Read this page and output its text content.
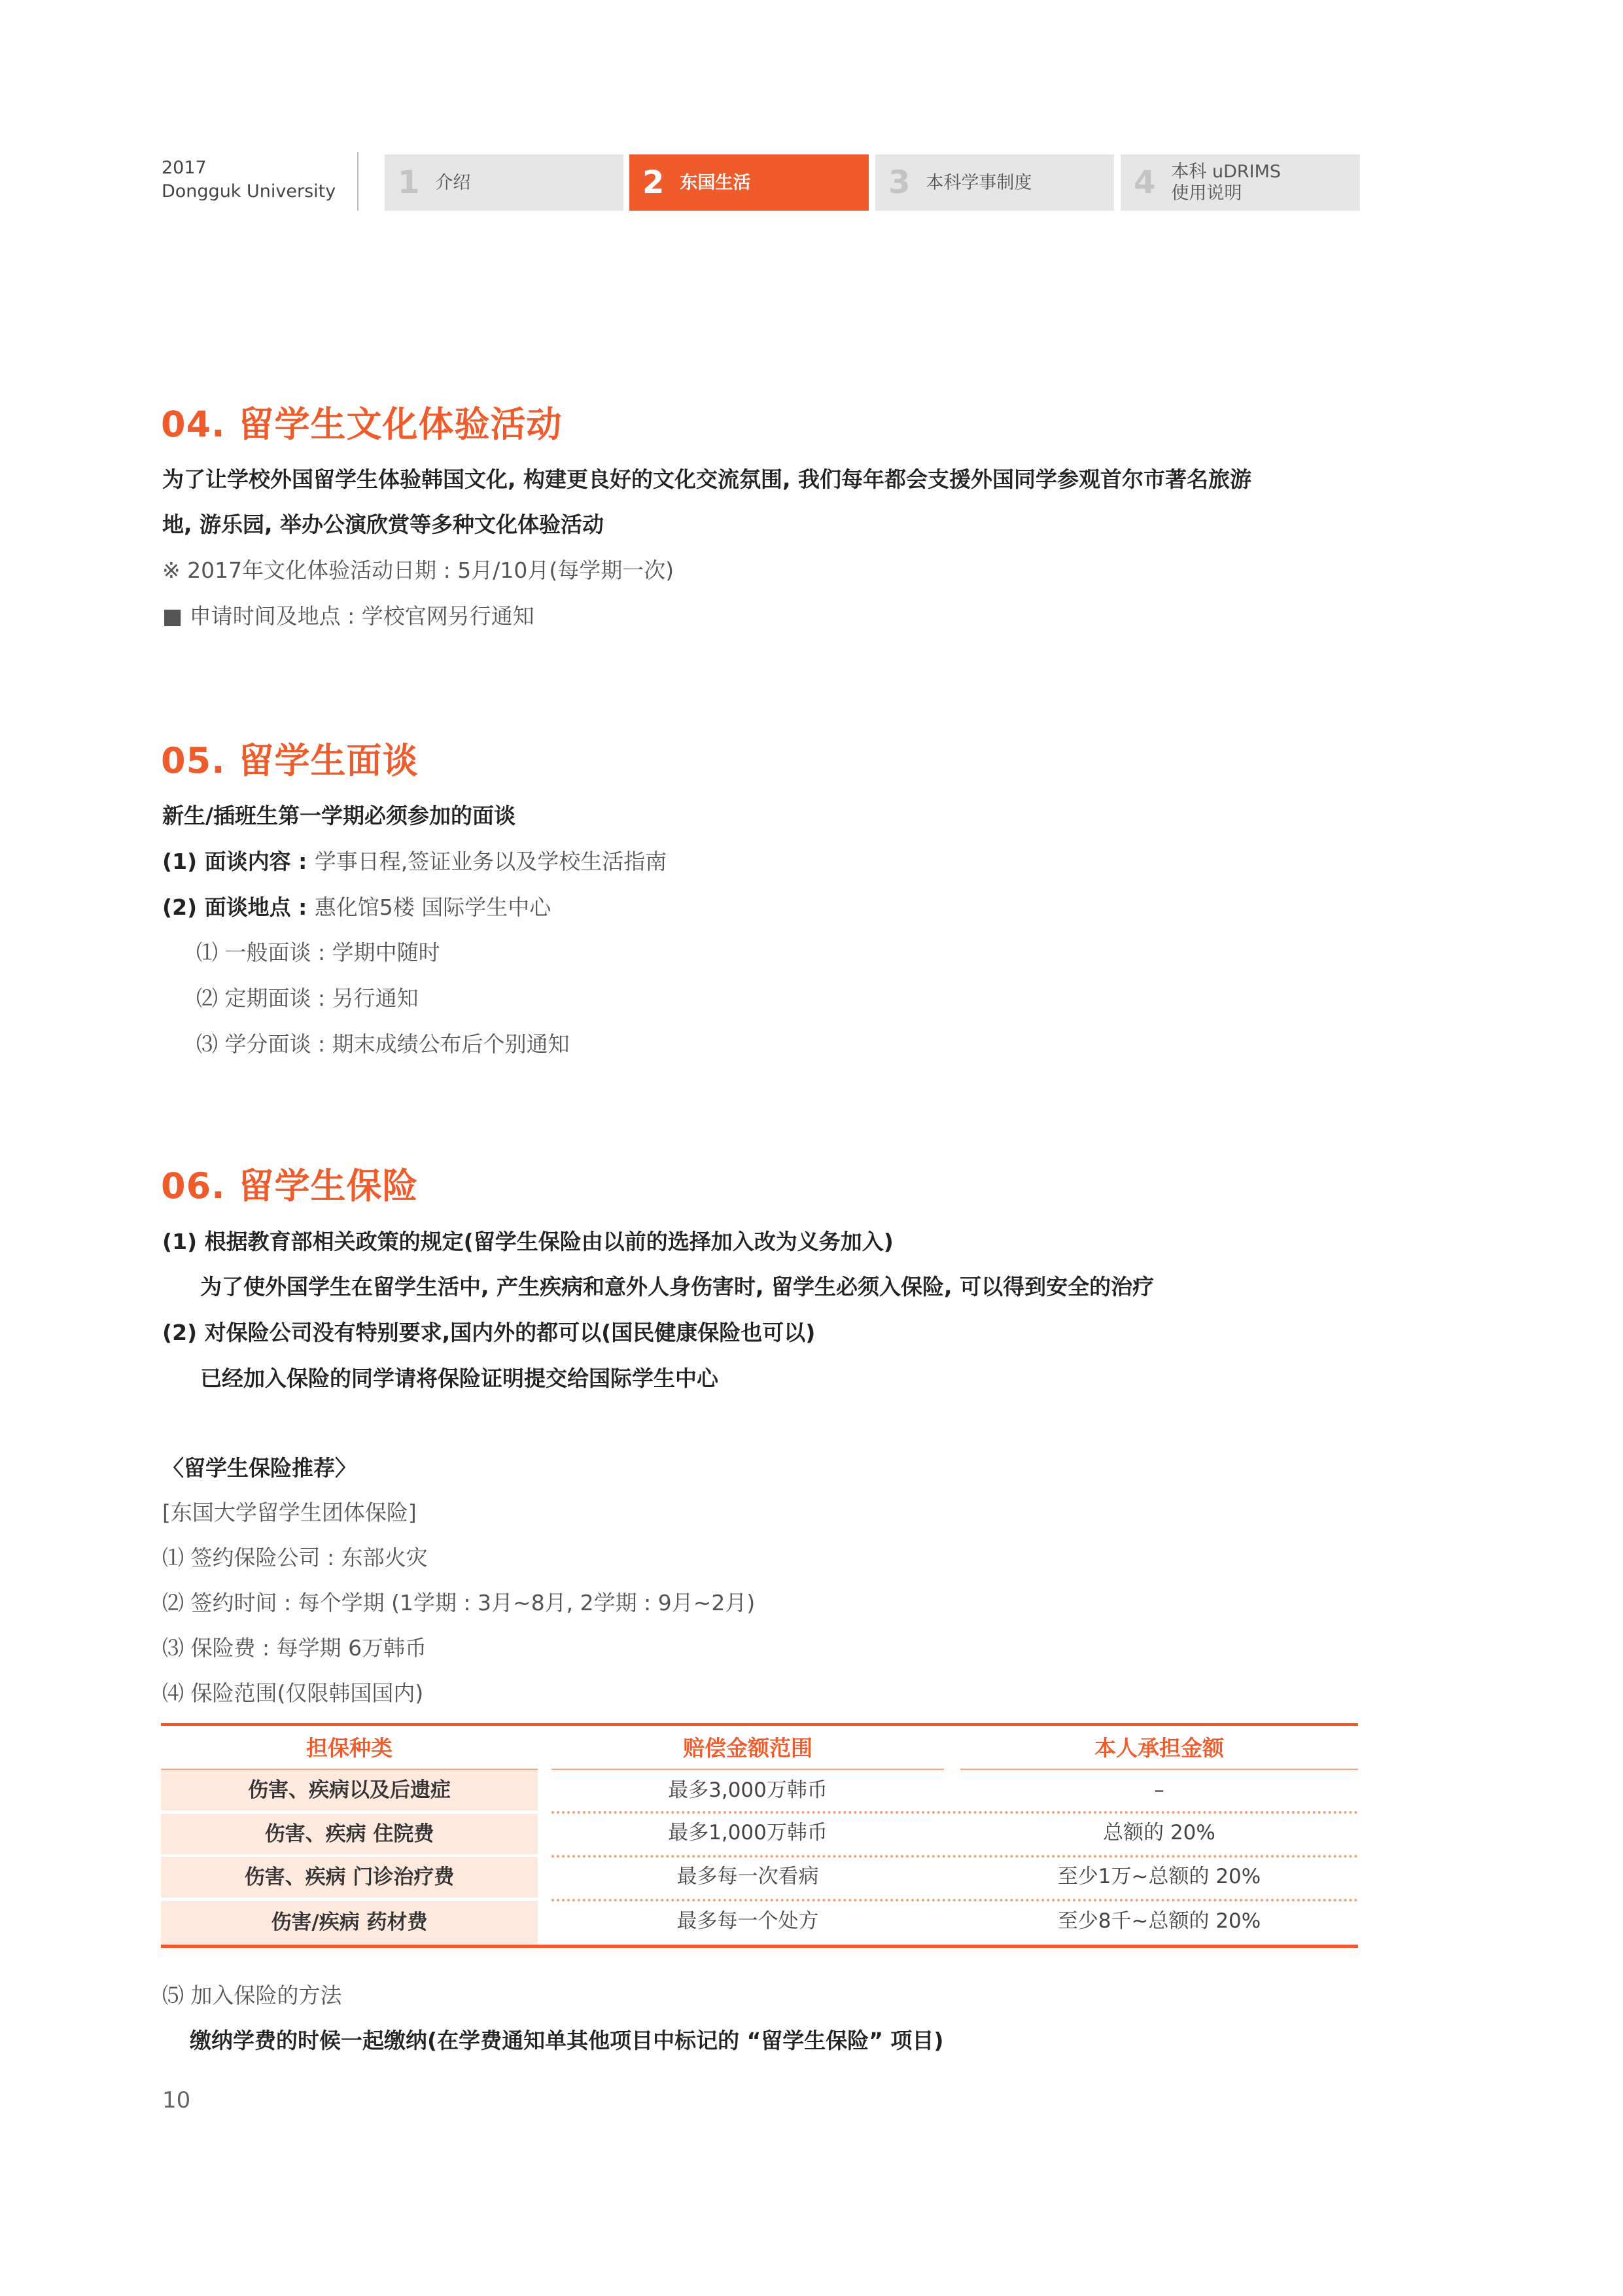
2017
Dongguk University 1 介绍	2 东国生活	3 本科学事制度	4 本科 uDRIMS
使用说明
04. 留学生文化体验活动
为了让学校外国留学生体验韩国文化, 构建更良好的文化交流氛围, 我们每年都会支援外国同学参观首尔市著名旅游
地, 游乐园, 举办公演欣赏等多种文化体验活动
※ 2017年文化体验活动日期 : 5月/10月(每学期一次)
■ 申请时间及地点 : 学校官网另行通知
05. 留学生面谈
新生/插班生第一学期必须参加的面谈
(1) 面谈内容 : 学事日程,签证业务以及学校生活指南
(2) 面谈地点 : 惠化馆5楼 国际学生中心
⑴ 一般面谈 : 学期中随时
⑵ 定期面谈 : 另行通知
⑶ 学分面谈 : 期末成绩公布后个别通知
06. 留学生保险
(1) 根据教育部相关政策的规定(留学生保险由以前的选择加入改为义务加入)
为了使外国学生在留学生活中, 产生疾病和意外人身伤害时, 留学生必须入保险, 可以得到安全的治疗
(2) 对保险公司没有特别要求,国内外的都可以(国民健康保险也可以)
已经加入保险的同学请将保险证明提交给国际学生中心
〈留学生保险推荐〉
[东国大学留学生团体保险]
⑴ 签约保险公司 : 东部火灾
⑵ 签约时间 : 每个学期 (1学期 : 3月~8月, 2学期 : 9月~2月)
⑶ 保险费 : 每学期 6万韩币
⑷ 保险范围(仅限韩国国内)
担保种类	赔偿金额范围	本人承担金额
伤害、疾病以及后遗症	最多3,000万韩币	–
伤害、疾病 住院费	最多1,000万韩币	总额的 20%
伤害、疾病 门诊治疗费	最多每一次看病	至少1万~总额的 20%
伤害/疾病 药材费	最多每一个处方	至少8千~总额的 20%
⑸ 加入保险的方法
缴纳学费的时候一起缴纳(在学费通知单其他项目中标记的 “留学生保险” 项目)
10
